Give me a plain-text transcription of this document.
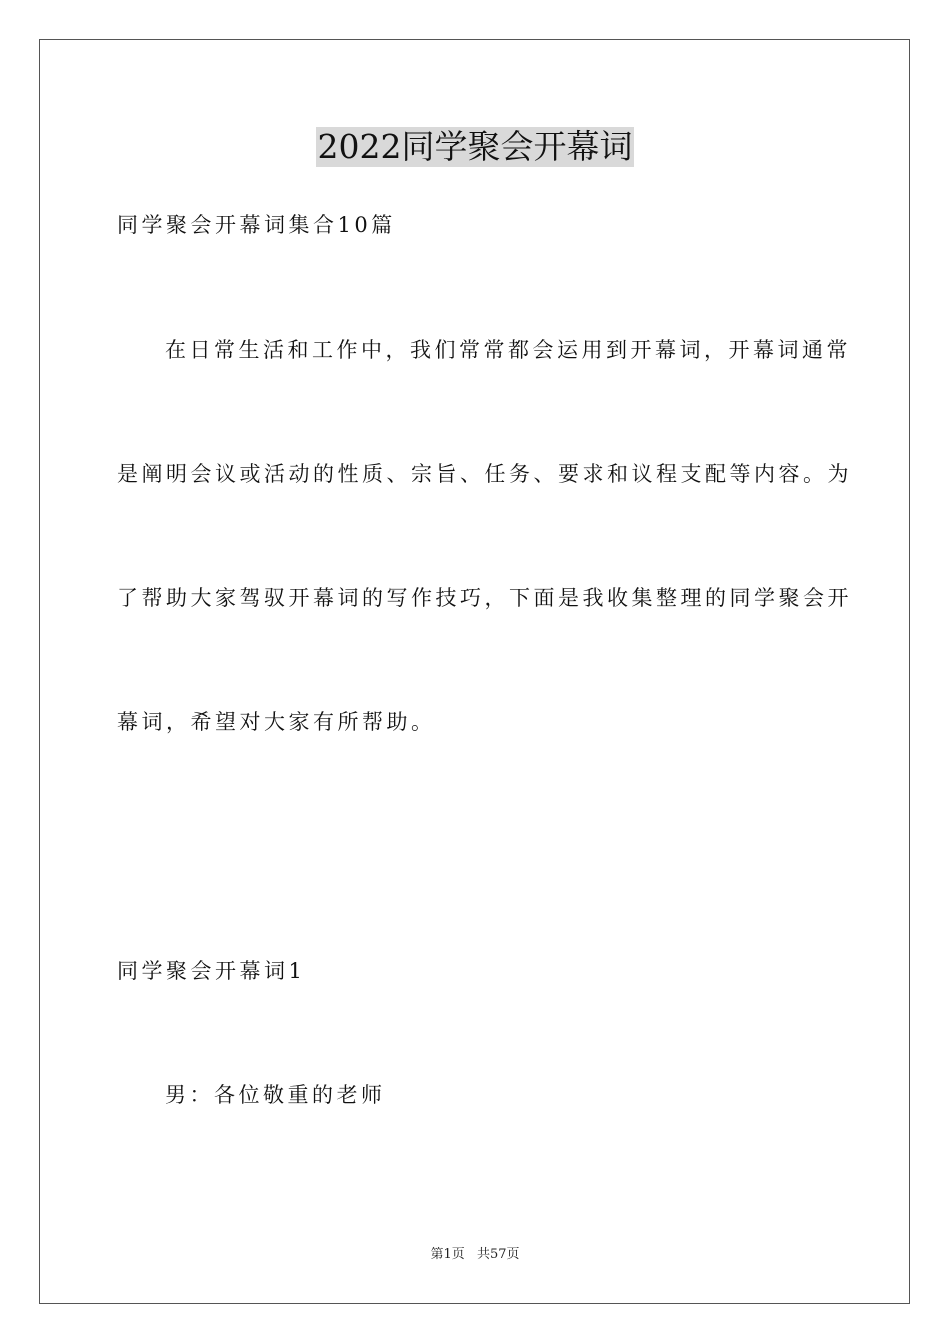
2022同学聚会开幕词
同学聚会开幕词集合10篇
在日常生活和工作中，我们常常都会运用到开幕词，开幕词通常
是阐明会议或活动的性质、宗旨、任务、要求和议程支配等内容。为
了帮助大家驾驭开幕词的写作技巧，下面是我收集整理的同学聚会开
幕词，希望对大家有所帮助。
同学聚会开幕词1
男：各位敬重的老师
第1页 共57页
